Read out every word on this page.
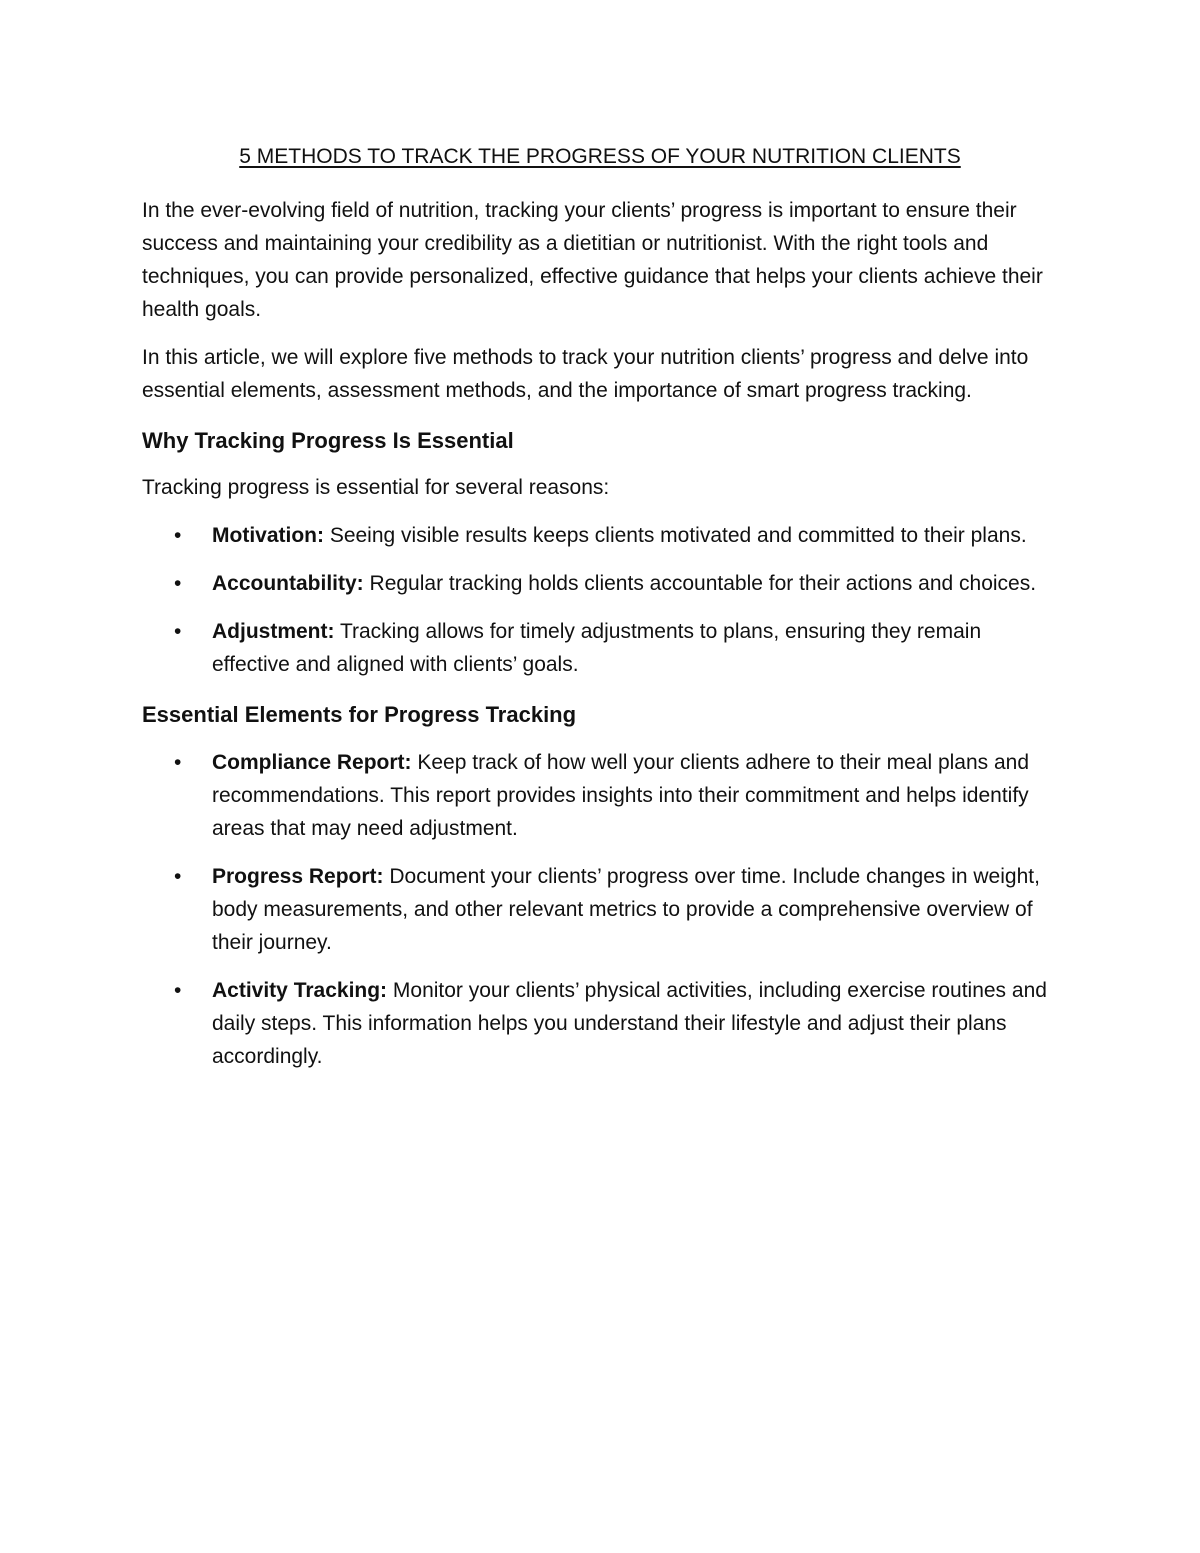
5 METHODS TO TRACK THE PROGRESS OF YOUR NUTRITION CLIENTS

In the ever-evolving field of nutrition, tracking your clients’ progress is important to ensure their success and maintaining your credibility as a dietitian or nutritionist. With the right tools and techniques, you can provide personalized, effective guidance that helps your clients achieve their health goals.

In this article, we will explore five methods to track your nutrition clients’ progress and delve into essential elements, assessment methods, and the importance of smart progress tracking.

Why Tracking Progress Is Essential

Tracking progress is essential for several reasons:

• Motivation: Seeing visible results keeps clients motivated and committed to their plans.
• Accountability: Regular tracking holds clients accountable for their actions and choices.
• Adjustment: Tracking allows for timely adjustments to plans, ensuring they remain effective and aligned with clients’ goals.
Essential Elements for Progress Tracking
• Compliance Report: Keep track of how well your clients adhere to their meal plans and recommendations. This report provides insights into their commitment and helps identify areas that may need adjustment.
• Progress Report: Document your clients’ progress over time. Include changes in weight, body measurements, and other relevant metrics to provide a comprehensive overview of their journey.
• Activity Tracking: Monitor your clients’ physical activities, including exercise routines and daily steps. This information helps you understand their lifestyle and adjust their plans accordingly.
